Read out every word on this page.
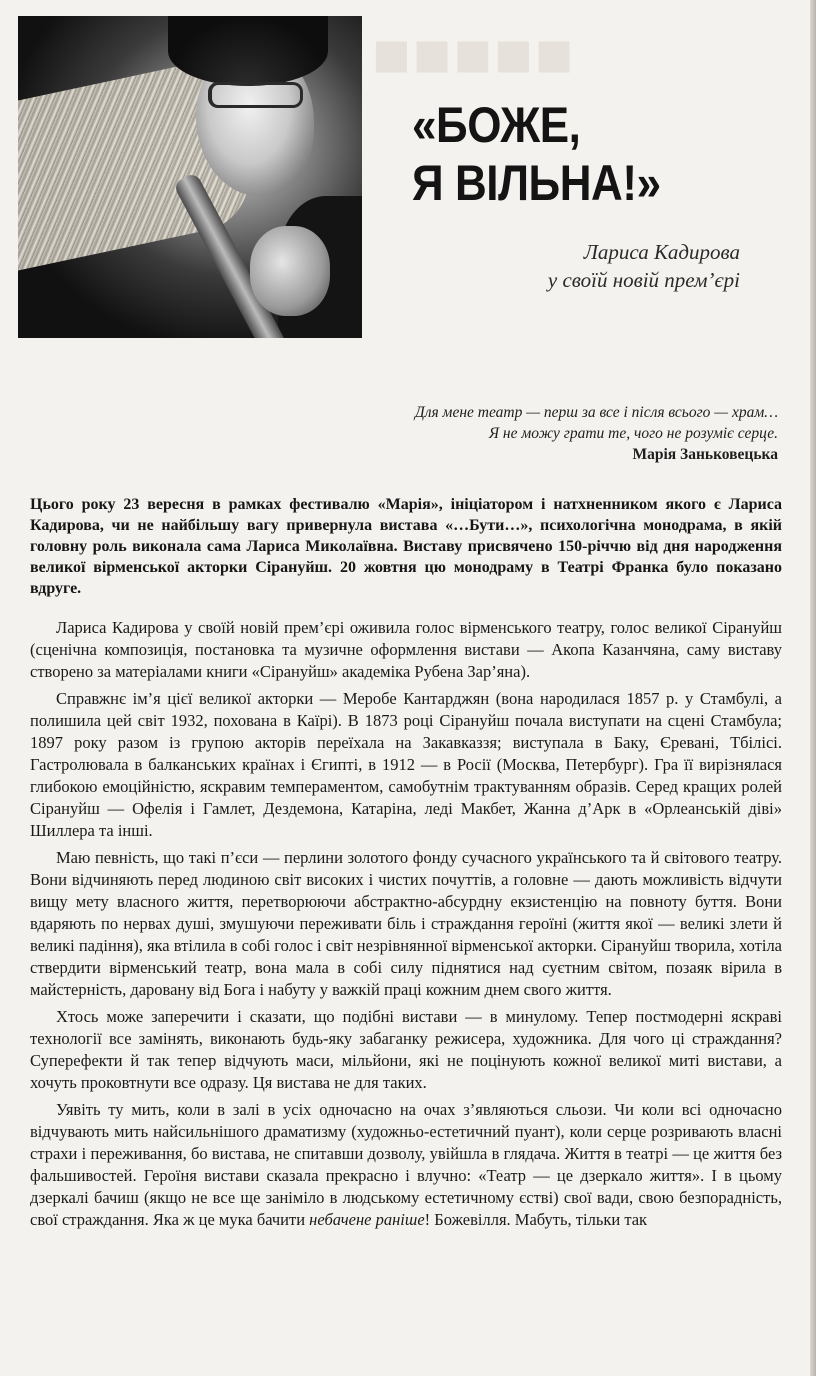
■■■■■
«БОЖЕ,
Я ВІЛЬНА!»
Лариса Кадирова
у своїй новій прем’єрі
Для мене театр — перш за все і після всього — храм…
Я не можу грати те, чого не розуміє серце.
Марія Заньковецька
Цього року 23 вересня в рамках фестивалю «Марія», ініціатором і натхненником якого є Лариса Кадирова, чи не найбільшу вагу привернула вистава «…Бути…», психологічна монодрама, в якій головну роль виконала сама Лариса Миколаївна. Виставу присвячено 150-річчю від дня народження великої вірменської акторки Сірануйш. 20 жовтня цю монодраму в Театрі Франка було показано вдруге.

Лариса Кадирова у своїй новій прем’єрі оживила голос вірменського театру, голос великої Сірануйш (сценічна композиція, постановка та музичне оформлення вистави — Акопа Казанчяна, саму виставу створено за матеріалами книги «Сірануйш» академіка Рубена Зар’яна).

Справжнє ім’я цієї великої акторки — Меробе Кантарджян (вона народилася 1857 р. у Стамбулі, а полишила цей світ 1932, похована в Каїрі). В 1873 році Сірануйш почала виступати на сцені Стамбула; 1897 року разом із групою акторів переїхала на Закавказзя; виступала в Баку, Єревані, Тбілісі. Гастролювала в балканських країнах і Єгипті, в 1912 — в Росії (Москва, Петербург). Гра її вирізнялася глибокою емоційністю, яскравим темпераментом, самобутнім трактуванням образів. Серед кращих ролей Сірануйш — Офелія і Гамлет, Дездемона, Катаріна, леді Макбет, Жанна д’Арк в «Орлеанській діві» Шиллера та інші.

Маю певність, що такі п’єси — перлини золотого фонду сучасного українського та й світового театру. Вони відчиняють перед людиною світ високих і чистих почуттів, а головне — дають можливість відчути вищу мету власного життя, перетворюючи абстрактно-абсурдну екзистенцію на повноту буття. Вони вдаряють по нервах душі, змушуючи переживати біль і страждання героїні (життя якої — великі злети й великі падіння), яка втілила в собі голос і світ незрівнянної вірменської акторки. Сірануйш творила, хотіла ствердити вірменський театр, вона мала в собі силу піднятися над суєтним світом, позаяк вірила в майстерність, даровану від Бога і набуту у важкій праці кожним днем свого життя.

Хтось може заперечити і сказати, що подібні вистави — в минулому. Тепер постмодерні яскраві технології все замінять, виконають будь-яку забаганку режисера, художника. Для чого ці страждання? Суперефекти й так тепер відчують маси, мільйони, які не поцінують кожної великої миті вистави, а хочуть проковтнути все одразу. Ця вистава не для таких.

Уявіть ту мить, коли в залі в усіх одночасно на очах з’являються сльози. Чи коли всі одночасно відчувають мить найсильнішого драматизму (художньо-естетичний пуант), коли серце розривають власні страхи і переживання, бо вистава, не спитавши дозволу, увійшла в глядача. Життя в театрі — це життя без фальшивостей. Героїня вистави сказала прекрасно і влучно: «Театр — це дзеркало життя». І в цьому дзеркалі бачиш (якщо не все ще заніміло в людському естетичному єстві) свої вади, свою безпорадність, свої страждання. Яка ж це мука бачити небачене раніше! Божевілля. Мабуть, тільки так
